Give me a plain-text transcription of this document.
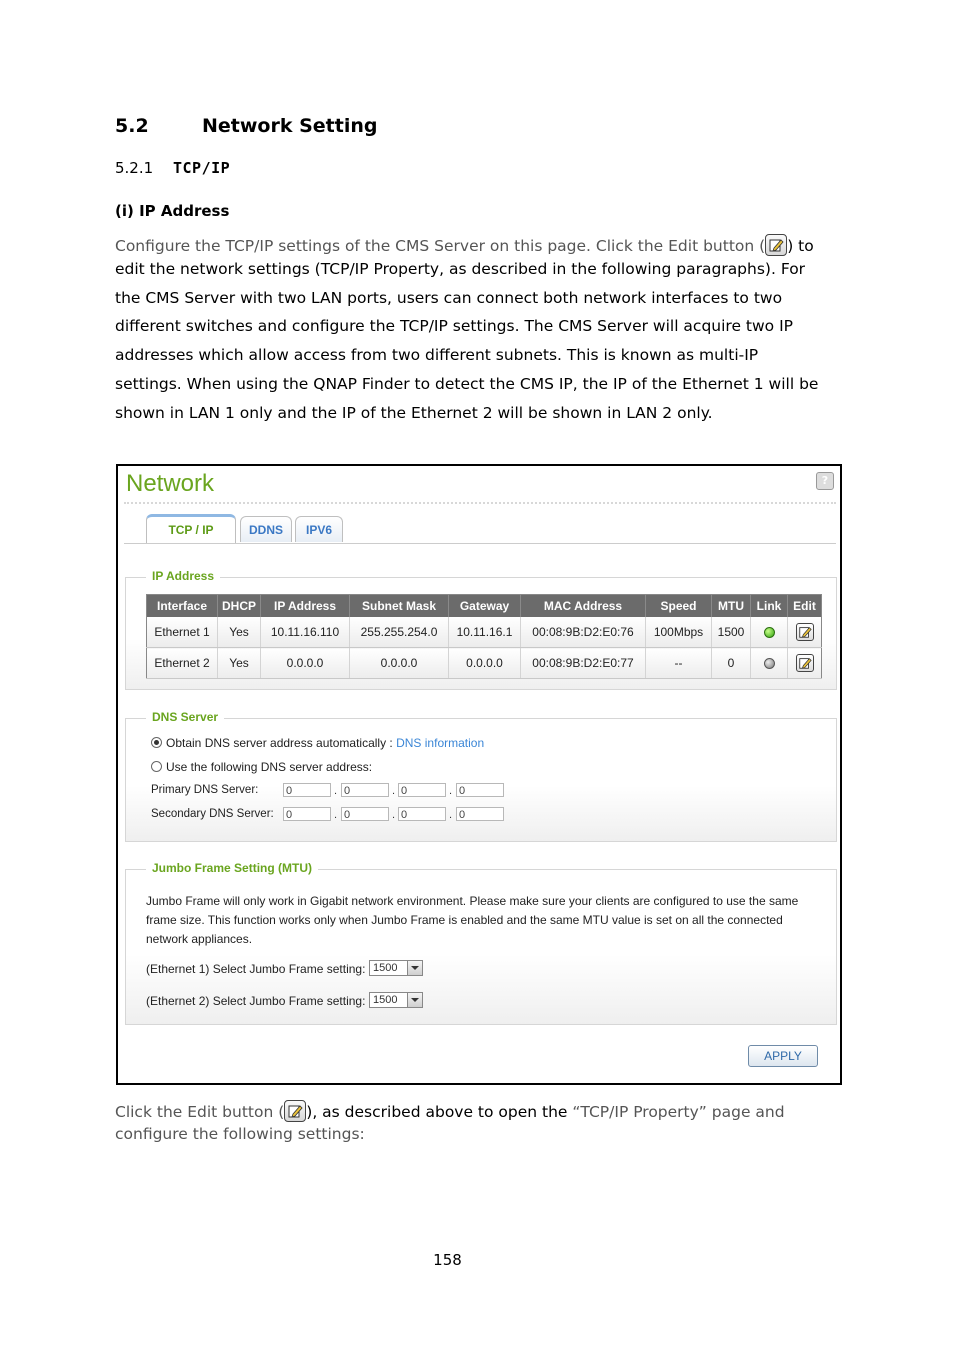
5.2	Network Setting
5.2.1 TCP/IP
(i) IP Address
Configure the TCP/IP settings of the CMS Server on this page. Click the Edit button ( ) to
edit the network settings (TCP/IP Property, as described in the following paragraphs). For
the CMS Server with two LAN ports, users can connect both network interfaces to two
different switches and configure the TCP/IP settings. The CMS Server will acquire two IP
addresses which allow access from two different subnets. This is known as multi-IP
settings. When using the QNAP Finder to detect the CMS IP, the IP of the Ethernet 1 will be
shown in LAN 1 only and the IP of the Ethernet 2 will be shown in LAN 2 only.
Network	?
TCP / IP	DDNS	IPV6
IP Address
Interface	DHCP	IP Address	Subnet Mask	Gateway	MAC Address	Speed	MTU	Link	Edit
Ethernet 1	Yes	10.11.16.110	255.255.254.0	10.11.16.1	00:08:9B:D2:E0:76	100Mbps	1500		

Ethernet 2	Yes	0.0.0.0	0.0.0.0	0.0.0.0	00:08:9B:D2:E0:77	--	0		
DNS Server
Obtain DNS server address automatically : DNS information
Use the following DNS server address:
Primary DNS Server:	0	. 0	. 0	. 0
Secondary DNS Server: 0	. 0	. 0	. 0
Jumbo Frame Setting (MTU)
Jumbo Frame will only work in Gigabit network environment. Please make sure your clients are configured to use the same
frame size. This function works only when Jumbo Frame is enabled and the same MTU value is set on all the connected
network appliances.
(Ethernet 1) Select Jumbo Frame setting: 1500
(Ethernet 2) Select Jumbo Frame setting: 1500
APPLY
Click the Edit button ( ), as described above to open the “TCP/IP Property” page and
configure the following settings:
158
